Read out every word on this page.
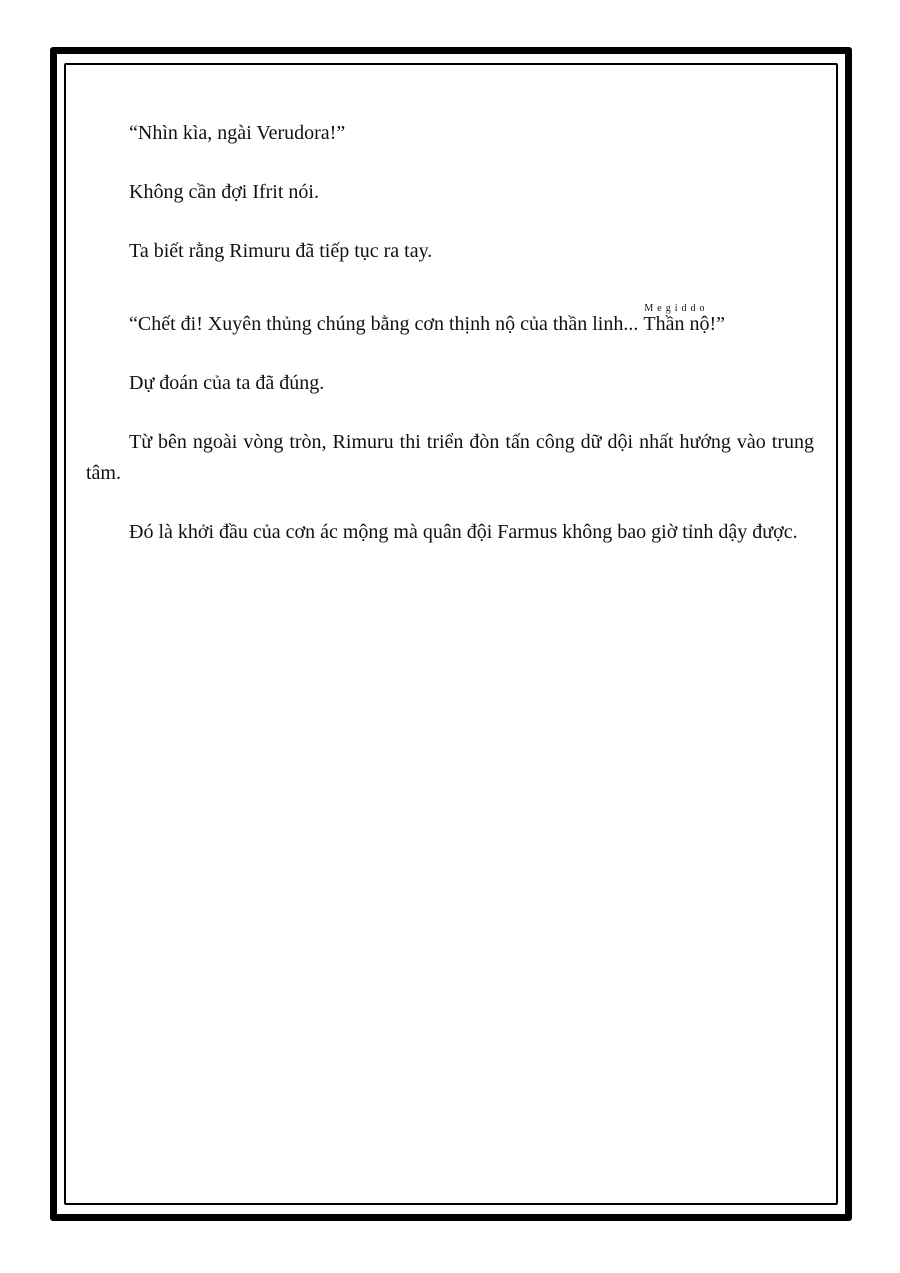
“Nhìn kìa, ngài Verudora!”

Không cần đợi Ifrit nói.

Ta biết rằng Rimuru đã tiếp tục ra tay.

“Chết đi! Xuyên thủng chúng bằng cơn thịnh nộ của thần linh... Thần nộMegiddo!”

Dự đoán của ta đã đúng.

Từ bên ngoài vòng tròn, Rimuru thi triển đòn tấn công dữ dội nhất hướng vào trung tâm.

Đó là khởi đầu của cơn ác mộng mà quân đội Farmus không bao giờ tỉnh dậy được.
